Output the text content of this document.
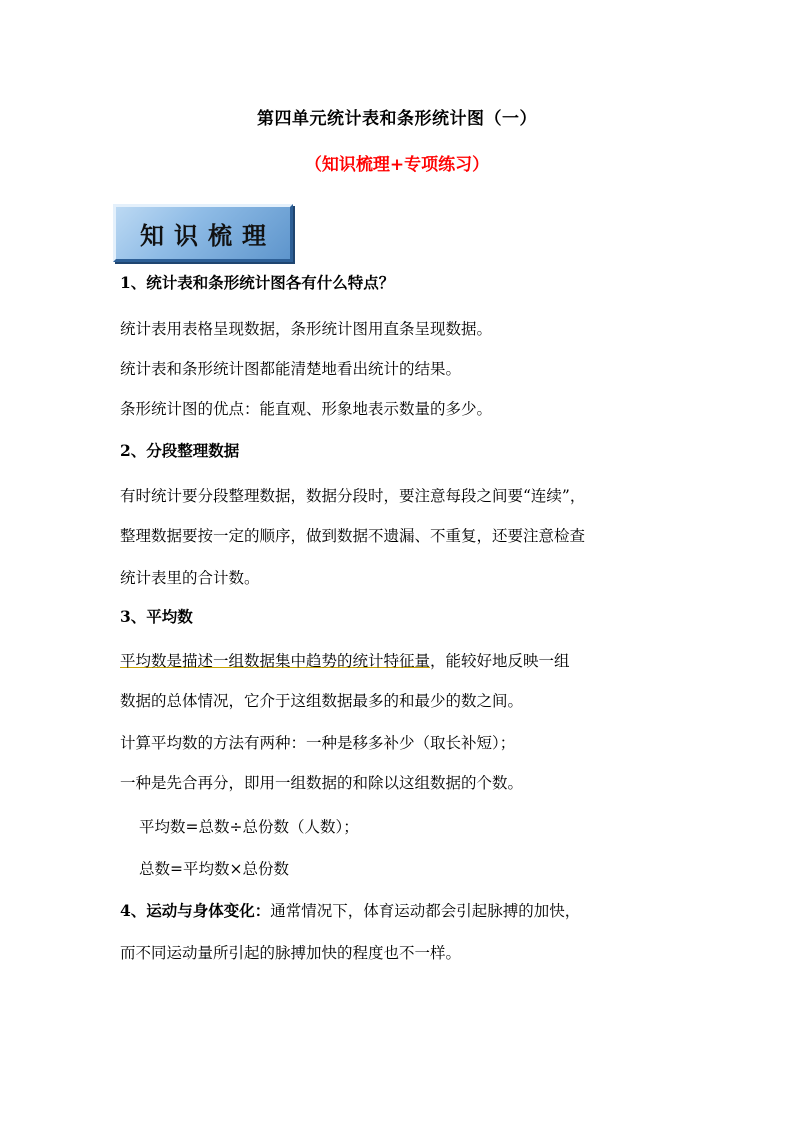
第四单元统计表和条形统计图（一）
（知识梳理+专项练习）
知识梳理
1、统计表和条形统计图各有什么特点？
统计表用表格呈现数据，条形统计图用直条呈现数据。
统计表和条形统计图都能清楚地看出统计的结果。
条形统计图的优点：能直观、形象地表示数量的多少。
2、分段整理数据
有时统计要分段整理数据，数据分段时，要注意每段之间要“连续”，
整理数据要按一定的顺序，做到数据不遗漏、不重复，还要注意检查
统计表里的合计数。
3、平均数
平均数是描述一组数据集中趋势的统计特征量，能较好地反映一组
数据的总体情况，它介于这组数据最多的和最少的数之间。
计算平均数的方法有两种：一种是移多补少（取长补短）；
一种是先合再分，即用一组数据的和除以这组数据的个数。
平均数=总数÷总份数（人数）；
总数=平均数×总份数
4、运动与身体变化：通常情况下，体育运动都会引起脉搏的加快，
而不同运动量所引起的脉搏加快的程度也不一样。
